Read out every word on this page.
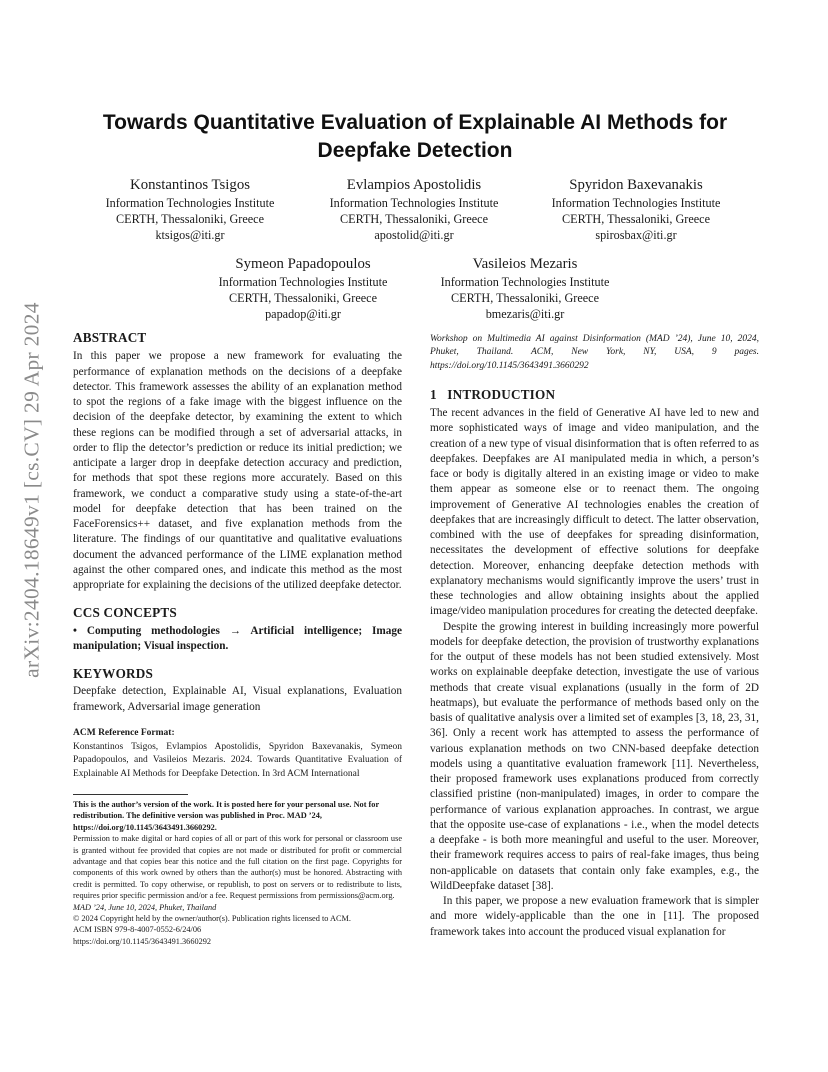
arXiv:2404.18649v1 [cs.CV] 29 Apr 2024
Towards Quantitative Evaluation of Explainable AI Methods for Deepfake Detection
Konstantinos Tsigos
Information Technologies Institute
CERTH, Thessaloniki, Greece
ktsigos@iti.gr
Evlampios Apostolidis
Information Technologies Institute
CERTH, Thessaloniki, Greece
apostolid@iti.gr
Spyridon Baxevanakis
Information Technologies Institute
CERTH, Thessaloniki, Greece
spirosbax@iti.gr
Symeon Papadopoulos
Information Technologies Institute
CERTH, Thessaloniki, Greece
papadop@iti.gr
Vasileios Mezaris
Information Technologies Institute
CERTH, Thessaloniki, Greece
bmezaris@iti.gr
ABSTRACT

In this paper we propose a new framework for evaluating the performance of explanation methods on the decisions of a deepfake detector. This framework assesses the ability of an explanation method to spot the regions of a fake image with the biggest influence on the decision of the deepfake detector, by examining the extent to which these regions can be modified through a set of adversarial attacks, in order to flip the detector’s prediction or reduce its initial prediction; we anticipate a larger drop in deepfake detection accuracy and prediction, for methods that spot these regions more accurately. Based on this framework, we conduct a comparative study using a state-of-the-art model for deepfake detection that has been trained on the FaceForensics++ dataset, and five explanation methods from the literature. The findings of our quantitative and qualitative evaluations document the advanced performance of the LIME explanation method against the other compared ones, and indicate this method as the most appropriate for explaining the decisions of the utilized deepfake detector.

CCS CONCEPTS

• Computing methodologies → Artificial intelligence; Image manipulation; Visual inspection.

KEYWORDS

Deepfake detection, Explainable AI, Visual explanations, Evaluation framework, Adversarial image generation

ACM Reference Format:

Konstantinos Tsigos, Evlampios Apostolidis, Spyridon Baxevanakis, Symeon Papadopoulos, and Vasileios Mezaris. 2024. Towards Quantitative Evaluation of Explainable AI Methods for Deepfake Detection. In 3rd ACM International

This is the author’s version of the work. It is posted here for your personal use. Not for redistribution. The definitive version was published in Proc. MAD ’24, https://doi.org/10.1145/3643491.3660292.

Permission to make digital or hard copies of all or part of this work for personal or classroom use is granted without fee provided that copies are not made or distributed for profit or commercial advantage and that copies bear this notice and the full citation on the first page. Copyrights for components of this work owned by others than the author(s) must be honored. Abstracting with credit is permitted. To copy otherwise, or republish, to post on servers or to redistribute to lists, requires prior specific permission and/or a fee. Request permissions from permissions@acm.org.

MAD ’24, June 10, 2024, Phuket, Thailand
© 2024 Copyright held by the owner/author(s). Publication rights licensed to ACM.
ACM ISBN 979-8-4007-0552-6/24/06
https://doi.org/10.1145/3643491.3660292

Workshop on Multimedia AI against Disinformation (MAD ’24), June 10, 2024, Phuket, Thailand. ACM, New York, NY, USA, 9 pages. https://doi.org/10.1145/3643491.3660292

1   INTRODUCTION

The recent advances in the field of Generative AI have led to new and more sophisticated ways of image and video manipulation, and the creation of a new type of visual disinformation that is often referred to as deepfakes. Deepfakes are AI manipulated media in which, a person’s face or body is digitally altered in an existing image or video to make them appear as someone else or to reenact them. The ongoing improvement of Generative AI technologies enables the creation of deepfakes that are increasingly difficult to detect. The latter observation, combined with the use of deepfakes for spreading disinformation, necessitates the development of effective solutions for deepfake detection. Moreover, enhancing deepfake detection methods with explanatory mechanisms would significantly improve the users’ trust in these technologies and allow obtaining insights about the applied image/video manipulation procedures for creating the detected deepfake.

Despite the growing interest in building increasingly more powerful models for deepfake detection, the provision of trustworthy explanations for the output of these models has not been studied extensively. Most works on explainable deepfake detection, investigate the use of various methods that create visual explanations (usually in the form of 2D heatmaps), but evaluate the performance of methods based only on the basis of qualitative analysis over a limited set of examples [3, 18, 23, 31, 36]. Only a recent work has attempted to assess the performance of various explanation methods on two CNN-based deepfake detection models using a quantitative evaluation framework [11]. Nevertheless, their proposed framework uses explanations produced from correctly classified pristine (non-manipulated) images, in order to compare the performance of various explanation approaches. In contrast, we argue that the opposite use-case of explanations - i.e., when the model detects a deepfake - is both more meaningful and useful to the user. Moreover, their framework requires access to pairs of real-fake images, thus being non-applicable on datasets that contain only fake examples, e.g., the WildDeepfake dataset [38].

In this paper, we propose a new evaluation framework that is simpler and more widely-applicable than the one in [11]. The proposed framework takes into account the produced visual explanation for
